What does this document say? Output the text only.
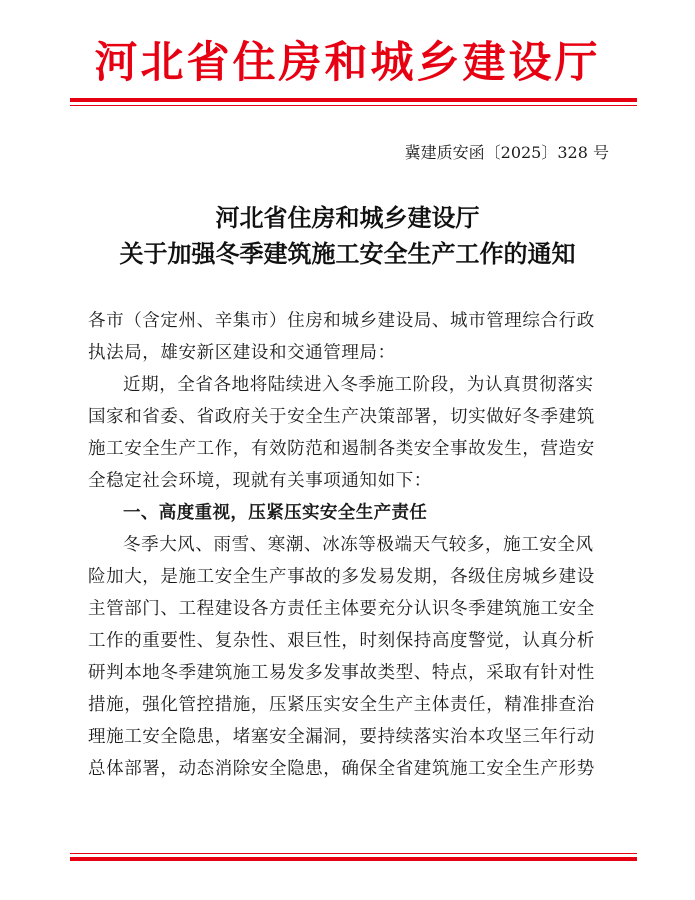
河北省住房和城乡建设厅
冀建质安函〔2025〕328 号
河北省住房和城乡建设厅
关于加强冬季建筑施工安全生产工作的通知
各市（含定州、辛集市）住房和城乡建设局、城市管理综合行政
执法局，雄安新区建设和交通管理局：
近期，全省各地将陆续进入冬季施工阶段，为认真贯彻落实
国家和省委、省政府关于安全生产决策部署，切实做好冬季建筑
施工安全生产工作，有效防范和遏制各类安全事故发生，营造安
全稳定社会环境，现就有关事项通知如下：
一、高度重视，压紧压实安全生产责任
冬季大风、雨雪、寒潮、冰冻等极端天气较多，施工安全风
险加大，是施工安全生产事故的多发易发期，各级住房城乡建设
主管部门、工程建设各方责任主体要充分认识冬季建筑施工安全
工作的重要性、复杂性、艰巨性，时刻保持高度警觉，认真分析
研判本地冬季建筑施工易发多发事故类型、特点，采取有针对性
措施，强化管控措施，压紧压实安全生产主体责任，精准排查治
理施工安全隐患，堵塞安全漏洞，要持续落实治本攻坚三年行动
总体部署，动态消除安全隐患，确保全省建筑施工安全生产形势
